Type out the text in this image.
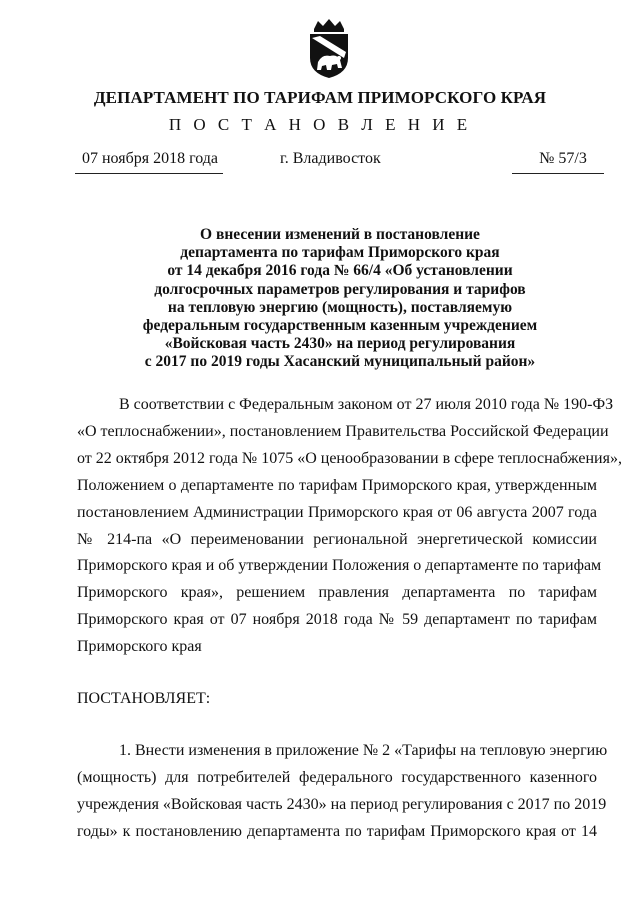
ДЕПАРТАМЕНТ ПО ТАРИФАМ ПРИМОРСКОГО КРАЯ
П О С Т А Н О В Л Е Н И Е
07 ноября 2018 года	г. Владивосток	№ 57/3
О внесении изменений в постановление
департамента по тарифам Приморского края
от 14 декабря 2016 года № 66/4 «Об установлении
долгосрочных параметров регулирования и тарифов
на тепловую энергию (мощность), поставляемую
федеральным государственным казенным учреждением
«Войсковая часть 2430» на период регулирования
с 2017 по 2019 годы Хасанский муниципальный район»
В соответствии с Федеральным законом от 27 июля 2010 года № 190-ФЗ
«О теплоснабжении», постановлением Правительства Российской Федерации
от 22 октября 2012 года № 1075 «О ценообразовании в сфере теплоснабжения»,
Положением о департаменте по тарифам Приморского края, утвержденным
постановлением Администрации Приморского края от 06 августа 2007 года
№ 214-па «О переименовании региональной энергетической комиссии
Приморского края и об утверждении Положения о департаменте по тарифам
Приморского края», решением правления департамента по тарифам
Приморского края от 07 ноября 2018 года № 59 департамент по тарифам
Приморского края
ПОСТАНОВЛЯЕТ:
1. Внести изменения в приложение № 2 «Тарифы на тепловую энергию
(мощность) для потребителей федерального государственного казенного
учреждения «Войсковая часть 2430» на период регулирования с 2017 по 2019
годы» к постановлению департамента по тарифам Приморского края от 14
